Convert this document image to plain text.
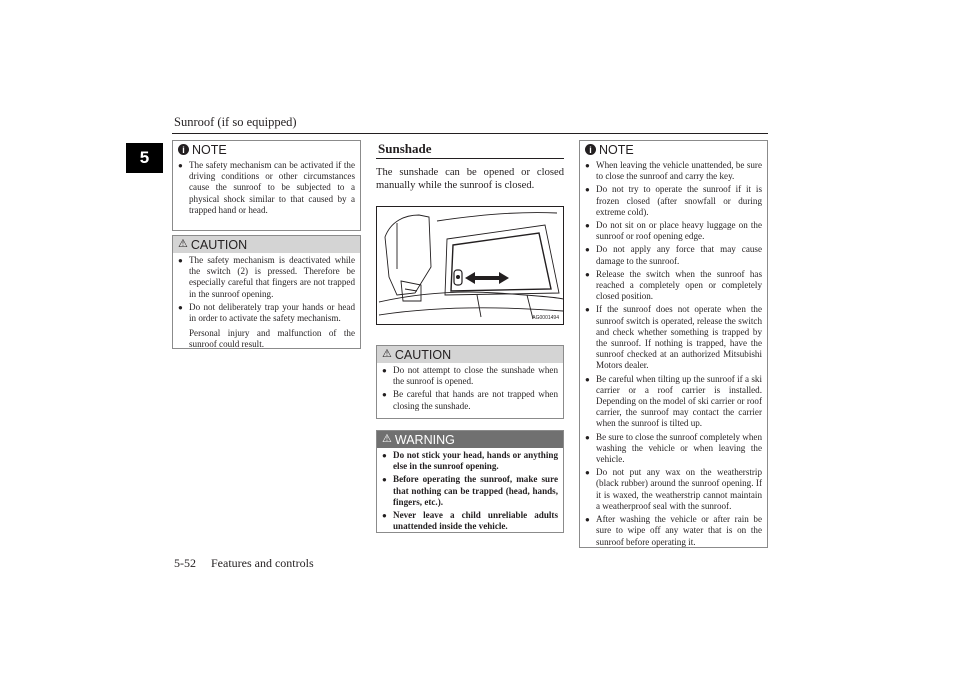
Sunroof (if so equipped)
5
5-52 Features and controls
i NOTE
● The safety mechanism can be activated if the driving conditions or other circumstances cause the sunroof to be subjected to a physical shock similar to that caused by a trapped hand or head.
⚠ CAUTION
● The safety mechanism is deactivated while the switch (2) is pressed. Therefore be especially careful that fingers are not trapped in the sunroof opening.
● Do not deliberately trap your hands or head in order to activate the safety mechanism.

Personal injury and malfunction of the sunroof could result.

Sunshade
The sunshade can be opened or closed manually while the sunroof is closed.
AG0001494
⚠ CAUTION
● Do not attempt to close the sunshade when the sunroof is opened.
● Be careful that hands are not trapped when closing the sunshade.
⚠ WARNING
● Do not stick your head, hands or anything else in the sunroof opening.
● Before operating the sunroof, make sure that nothing can be trapped (head, hands, fingers, etc.).
● Never leave a child unreliable adults unattended inside the vehicle.
i NOTE
● When leaving the vehicle unattended, be sure to close the sunroof and carry the key.
● Do not try to operate the sunroof if it is frozen closed (after snowfall or during extreme cold).
● Do not sit on or place heavy luggage on the sunroof or roof opening edge.
● Do not apply any force that may cause damage to the sunroof.
● Release the switch when the sunroof has reached a completely open or completely closed position.
● If the sunroof does not operate when the sunroof switch is operated, release the switch and check whether something is trapped by the sunroof. If nothing is trapped, have the sunroof checked at an authorized Mitsubishi Motors dealer.
● Be careful when tilting up the sunroof if a ski carrier or a roof carrier is installed. Depending on the model of ski carrier or roof carrier, the sunroof may contact the carrier when the sunroof is tilted up.
● Be sure to close the sunroof completely when washing the vehicle or when leaving the vehicle.
● Do not put any wax on the weatherstrip (black rubber) around the sunroof opening. If it is waxed, the weatherstrip cannot maintain a weatherproof seal with the sunroof.
● After washing the vehicle or after rain be sure to wipe off any water that is on the sunroof before operating it.
